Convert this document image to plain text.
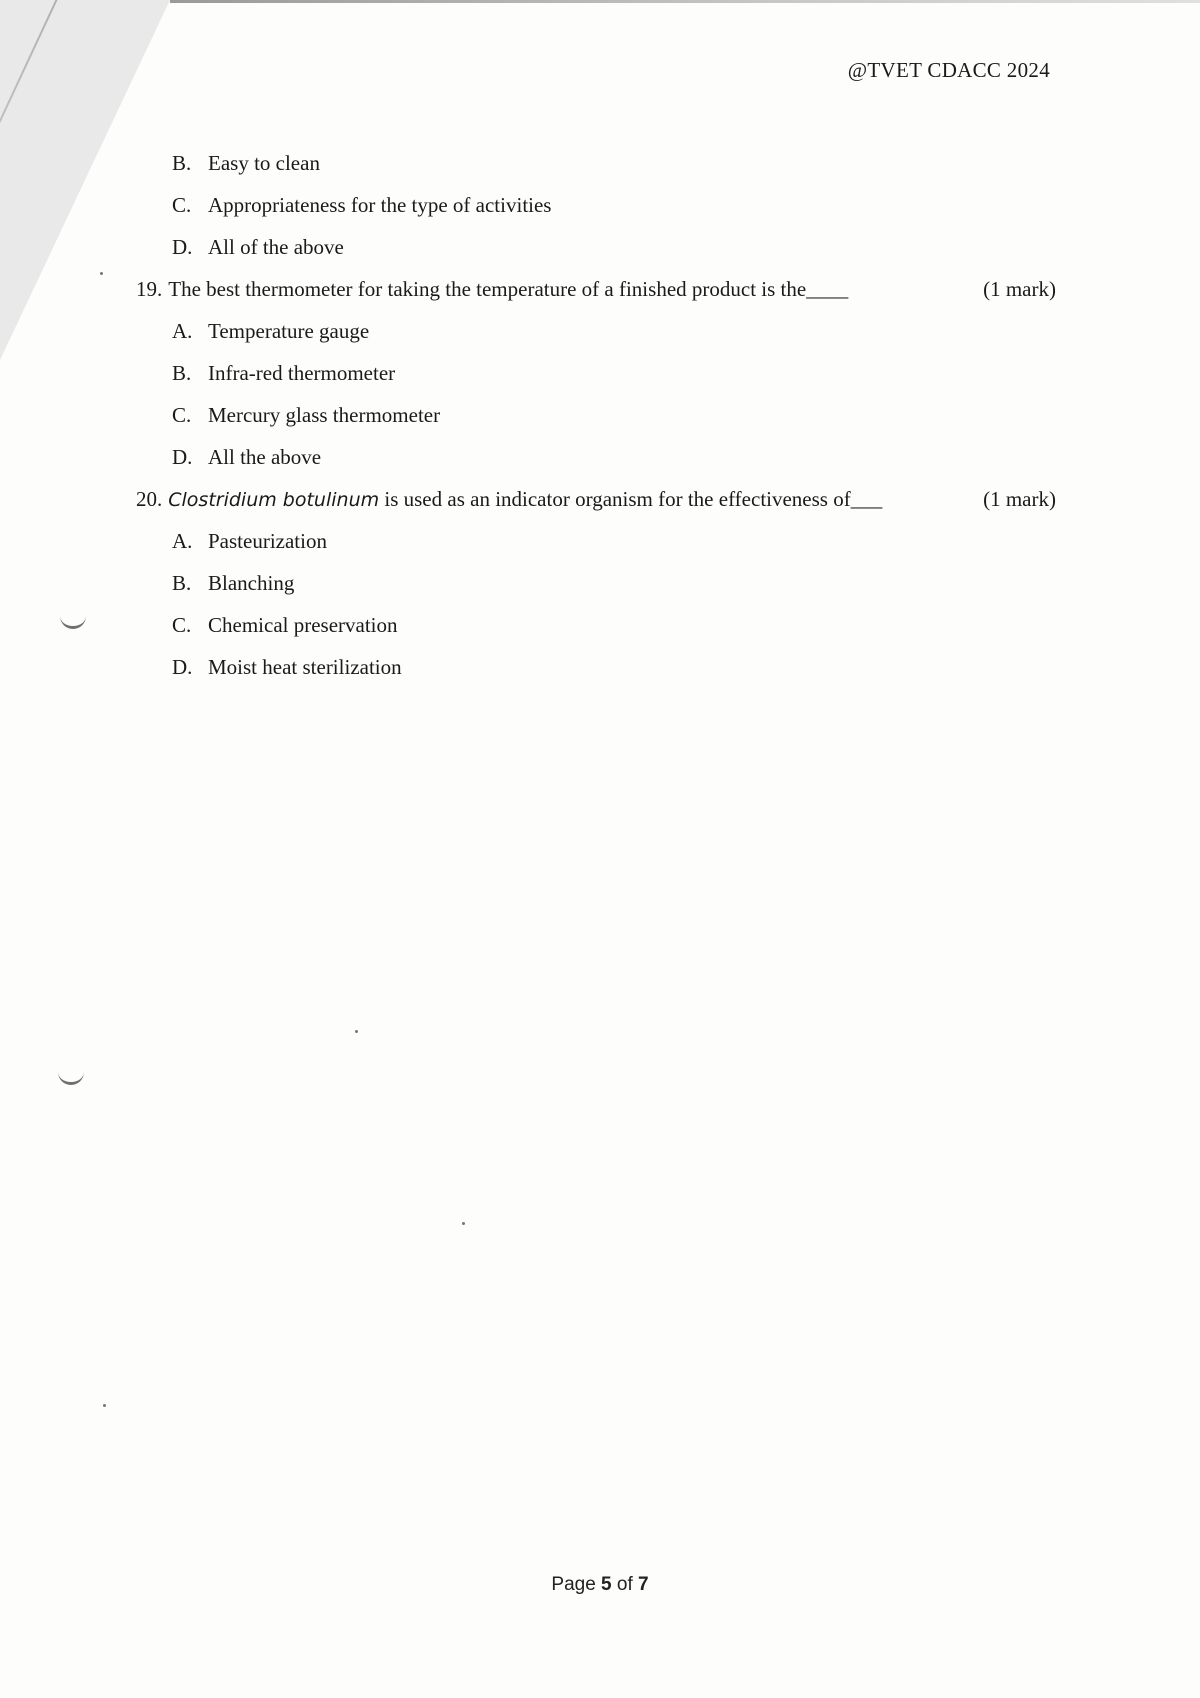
@TVET CDACC 2024
B. Easy to clean
C. Appropriateness for the type of activities
D. All of the above
19. The best thermometer for taking the temperature of a finished product is the____	(1 mark)
A. Temperature gauge
B. Infra-red thermometer
C. Mercury glass thermometer
D. All the above
20. Clostridium botulinum is used as an indicator organism for the effectiveness of___	(1 mark)
A. Pasteurization
B. Blanching
C. Chemical preservation
D. Moist heat sterilization
Page 5 of 7
